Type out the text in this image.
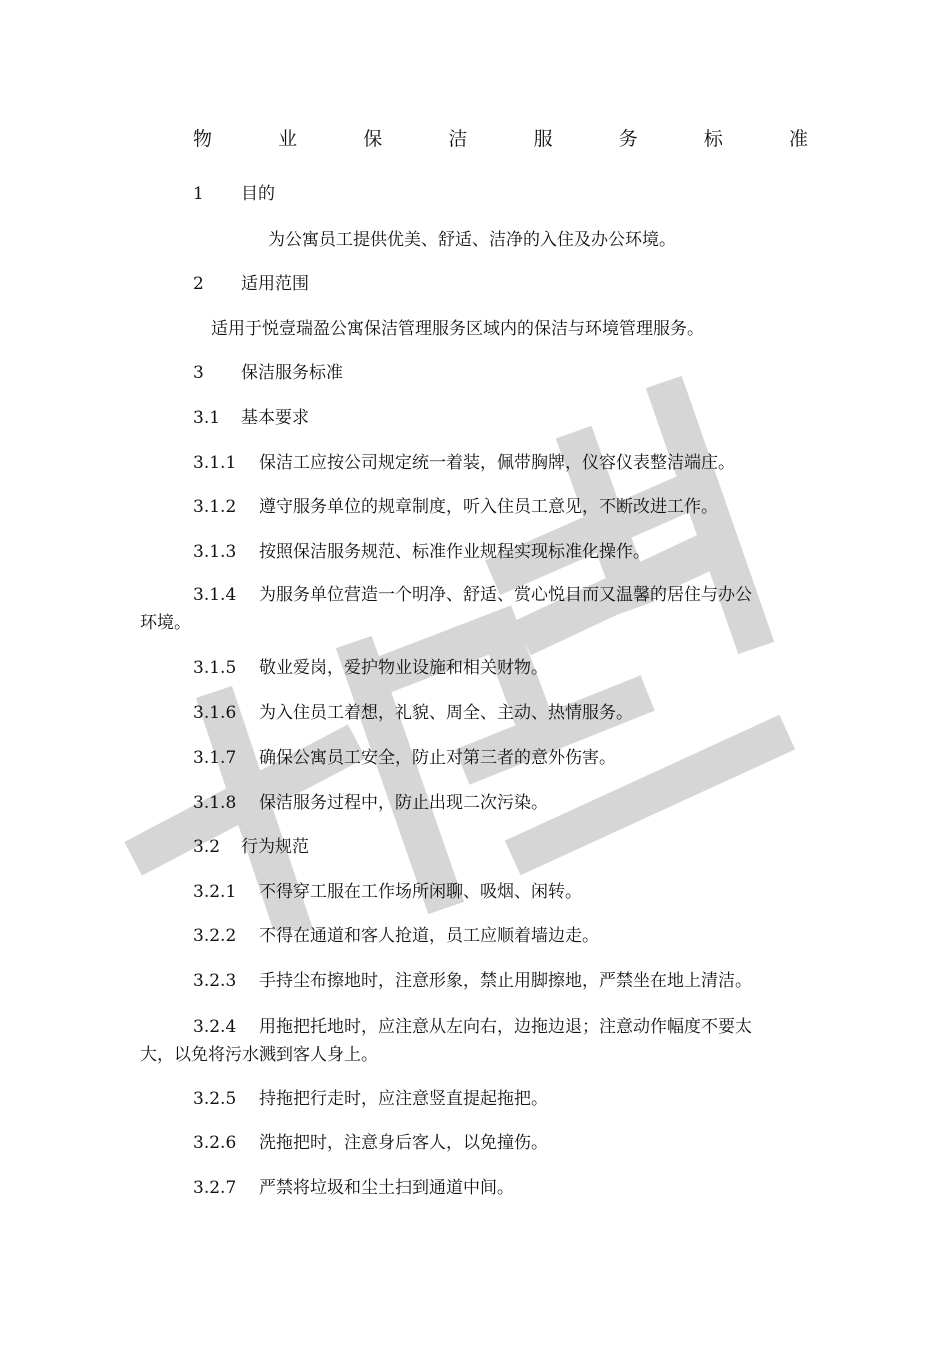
物	业	保	洁	服	务	标	准
1 目的
为公寓员工提供优美、舒适、洁净的入住及办公环境。
2 适用范围
适用于悦壹瑞盈公寓保洁管理服务区域内的保洁与环境管理服务。
3 保洁服务标准
3.1 基本要求
3.1.1 保洁工应按公司规定统一着装，佩带胸牌，仪容仪表整洁端庄。
3.1.2 遵守服务单位的规章制度，听入住员工意见，不断改进工作。
3.1.3 按照保洁服务规范、标准作业规程实现标准化操作。
3.1.4 为服务单位营造一个明净、舒适、赏心悦目而又温馨的居住与办公
环境。
3.1.5 敬业爱岗，爱护物业设施和相关财物。
3.1.6 为入住员工着想，礼貌、周全、主动、热情服务。
3.1.7 确保公寓员工安全，防止对第三者的意外伤害。
3.1.8 保洁服务过程中，防止出现二次污染。
3.2 行为规范
3.2.1 不得穿工服在工作场所闲聊、吸烟、闲转。
3.2.2 不得在通道和客人抢道，员工应顺着墙边走。
3.2.3 手持尘布擦地时，注意形象，禁止用脚擦地，严禁坐在地上清洁。
3.2.4 用拖把托地时，应注意从左向右，边拖边退；注意动作幅度不要太
大，以免将污水溅到客人身上。
3.2.5 持拖把行走时，应注意竖直提起拖把。
3.2.6 洗拖把时，注意身后客人，以免撞伤。
3.2.7 严禁将垃圾和尘土扫到通道中间。
